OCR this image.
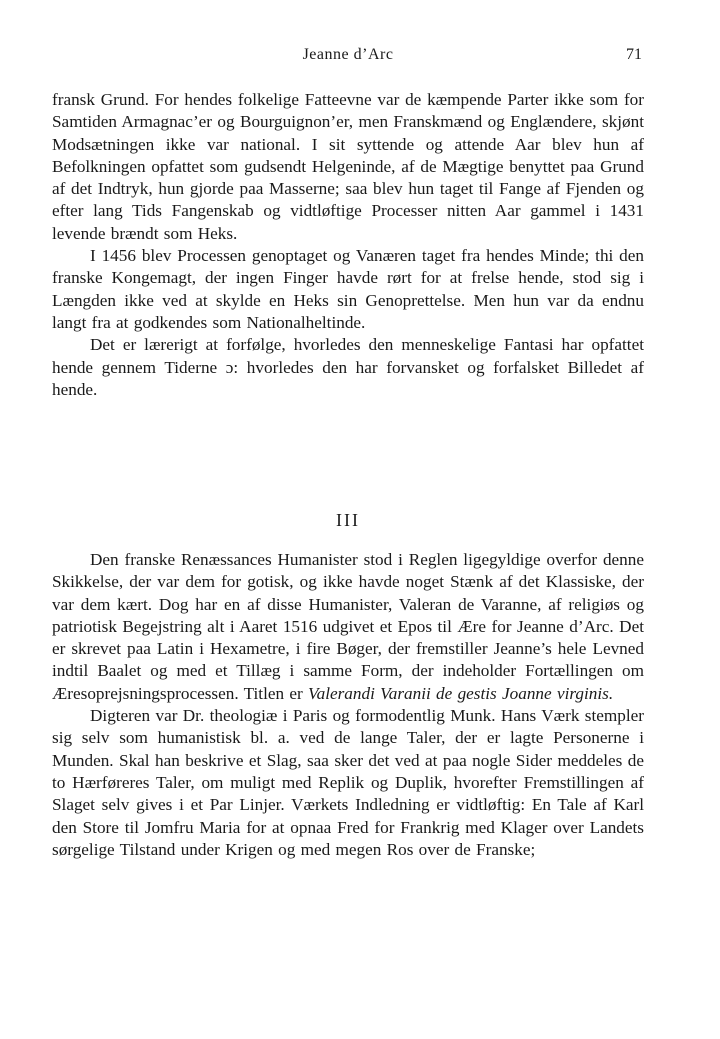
Jeanne d’Arc	71

fransk Grund. For hendes folkelige Fatteevne var de kæmpende Parter ikke som for Samtiden Armagnac’er og Bourguignon’er, men Franskmænd og Englændere, skjønt Modsætningen ikke var national. I sit syttende og attende Aar blev hun af Befolkningen opfattet som gudsendt Helgeninde, af de Mægtige benyttet paa Grund af det Indtryk, hun gjorde paa Masserne; saa blev hun taget til Fange af Fjenden og efter lang Tids Fangenskab og vidtløftige Processer nitten Aar gammel i 1431 levende brændt som Heks.

I 1456 blev Processen genoptaget og Vanæren taget fra hendes Minde; thi den franske Kongemagt, der ingen Finger havde rørt for at frelse hende, stod sig i Længden ikke ved at skylde en Heks sin Genoprettelse. Men hun var da endnu langt fra at godkendes som Nationalheltinde.

Det er lærerigt at forfølge, hvorledes den menneskelige Fantasi har opfattet hende gennem Tiderne ɔ: hvorledes den har forvansket og forfalsket Billedet af hende.

III

Den franske Renæssances Humanister stod i Reglen ligegyldige overfor denne Skikkelse, der var dem for gotisk, og ikke havde noget Stænk af det Klassiske, der var dem kært. Dog har en af disse Humanister, Valeran de Varanne, af religiøs og patriotisk Begejstring alt i Aaret 1516 udgivet et Epos til Ære for Jeanne d’Arc. Det er skrevet paa Latin i Hexametre, i fire Bøger, der fremstiller Jeanne’s hele Levned indtil Baalet og med et Tillæg i samme Form, der indeholder Fortællingen om Æresoprejsningsprocessen. Titlen er Valerandi Varanii de gestis Joanne virginis.

Digteren var Dr. theologiæ i Paris og formodentlig Munk. Hans Værk stempler sig selv som humanistisk bl. a. ved de lange Taler, der er lagte Personerne i Munden. Skal han beskrive et Slag, saa sker det ved at paa nogle Sider meddeles de to Hærføreres Taler, om muligt med Replik og Duplik, hvorefter Fremstillingen af Slaget selv gives i et Par Linjer. Værkets Indledning er vidtløftig: En Tale af Karl den Store til Jomfru Maria for at opnaa Fred for Frankrig med Klager over Landets sørgelige Tilstand under Krigen og med megen Ros over de Franske;
